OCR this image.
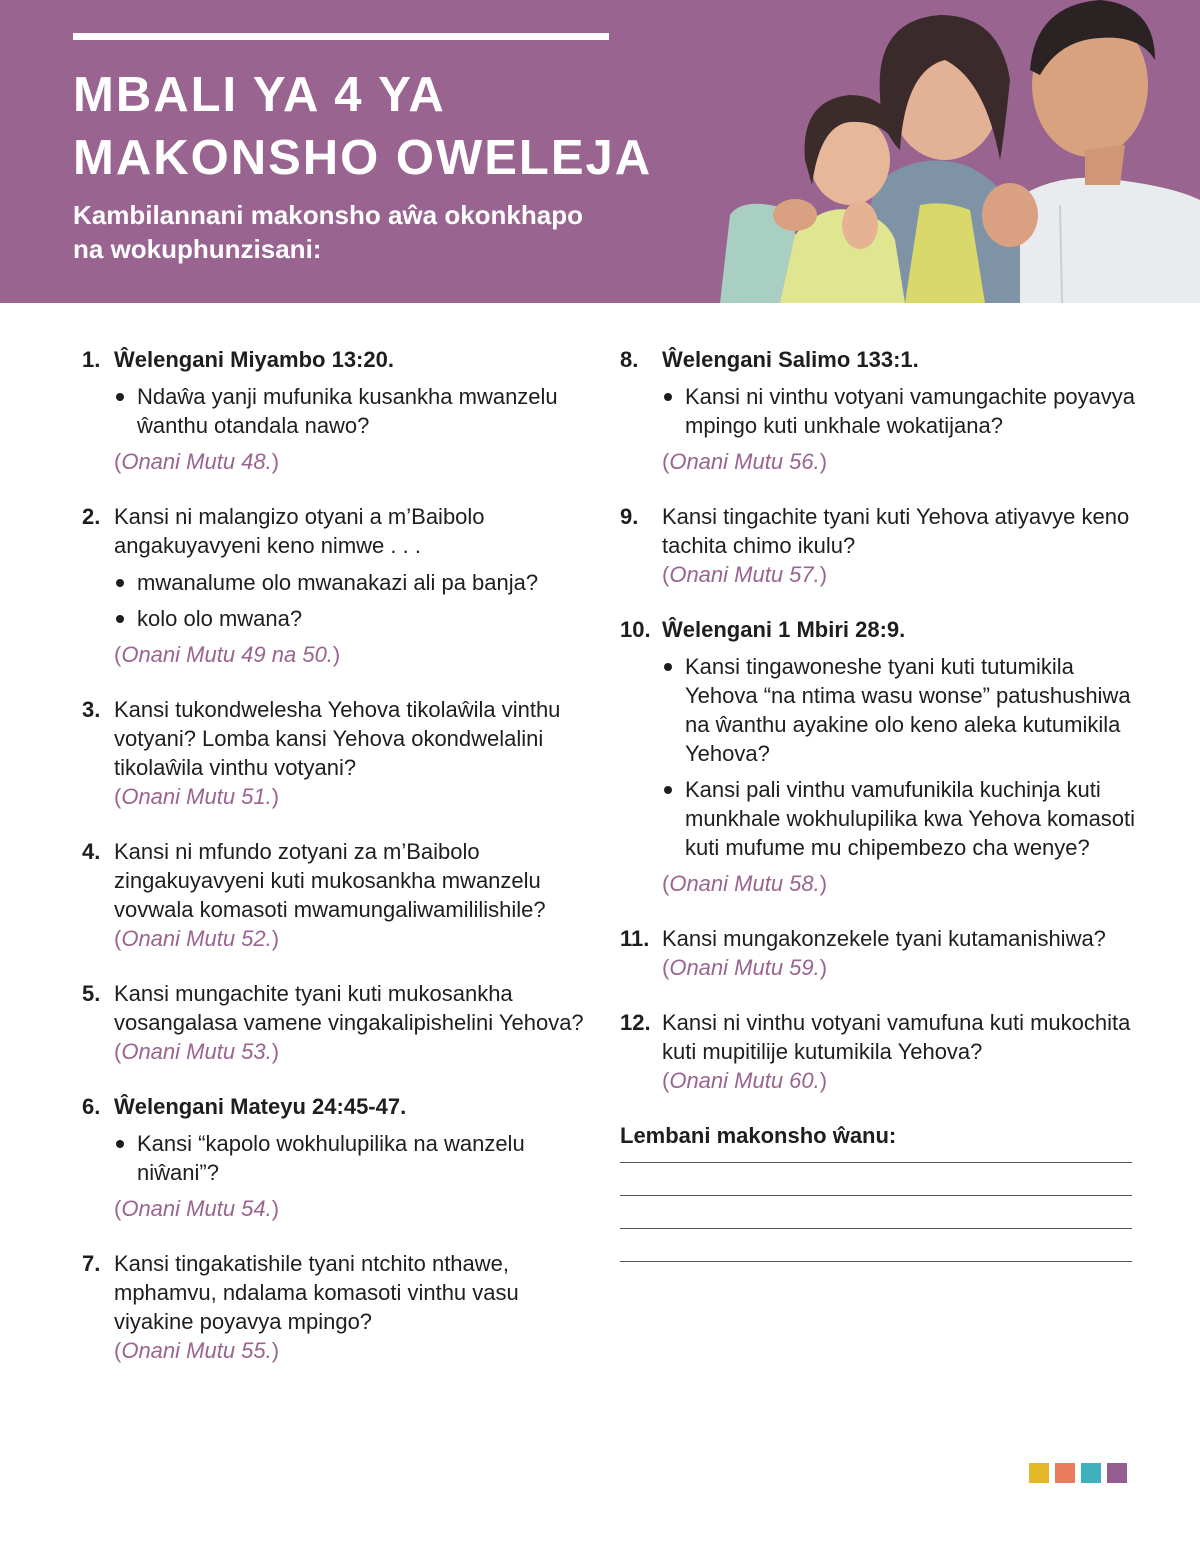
MBALI YA 4 YA
MAKONSHO OWELEJA
Kambilannani makonsho aŵa okonkhapo
na wokuphunzisani:
1. Ŵelengani Miyambo 13:20.
Ndaŵa yanji mufunika kusankha mwanzelu ŵanthu otandala nawo?
(Onani Mutu 48.)
2. Kansi ni malangizo otyani a m’Baibolo angakuyavyeni keno nimwe . . .
mwanalume olo mwanakazi ali pa banja?
kolo olo mwana?
(Onani Mutu 49 na 50.)
3. Kansi tukondwelesha Yehova tikolaŵila vinthu votyani? Lomba kansi Yehova okondwelalini tikolaŵila vinthu votyani?
(Onani Mutu 51.)
4. Kansi ni mfundo zotyani za m’Baibolo zingakuyavyeni kuti mukosankha mwanzelu vovwala komasoti mwamungaliwamililishile?
(Onani Mutu 52.)
5. Kansi mungachite tyani kuti mukosankha vosangalasa vamene vingakalipishelini Yehova?
(Onani Mutu 53.)
6. Ŵelengani Mateyu 24:45-47.
Kansi “kapolo wokhulupilika na wanzelu niŵani”?
(Onani Mutu 54.)
7. Kansi tingakatishile tyani ntchito nthawe, mphamvu, ndalama komasoti vinthu vasu viyakine poyavya mpingo?
(Onani Mutu 55.)
8.	Ŵelengani Salimo 133:1.
Kansi ni vinthu votyani vamungachite poyavya mpingo kuti unkhale wokatijana?
(Onani Mutu 56.)
9.	Kansi tingachite tyani kuti Yehova atiyavye keno tachita chimo ikulu?
(Onani Mutu 57.)
10. Ŵelengani 1 Mbiri 28:9.
Kansi tingawoneshe tyani kuti tutumikila Yehova “na ntima wasu wonse” patushushiwa na ŵanthu ayakine olo keno aleka kutumikila Yehova?
Kansi pali vinthu vamufunikila kuchinja kuti munkhale wokhulupilika kwa Yehova komasoti kuti mufume mu chipembezo cha wenye?
(Onani Mutu 58.)
11. Kansi mungakonzekele tyani kutamanishiwa?
(Onani Mutu 59.)
12. Kansi ni vinthu votyani vamufuna kuti mukochita kuti mupitilije kutumikila Yehova?
(Onani Mutu 60.)
Lembani makonsho ŵanu:
